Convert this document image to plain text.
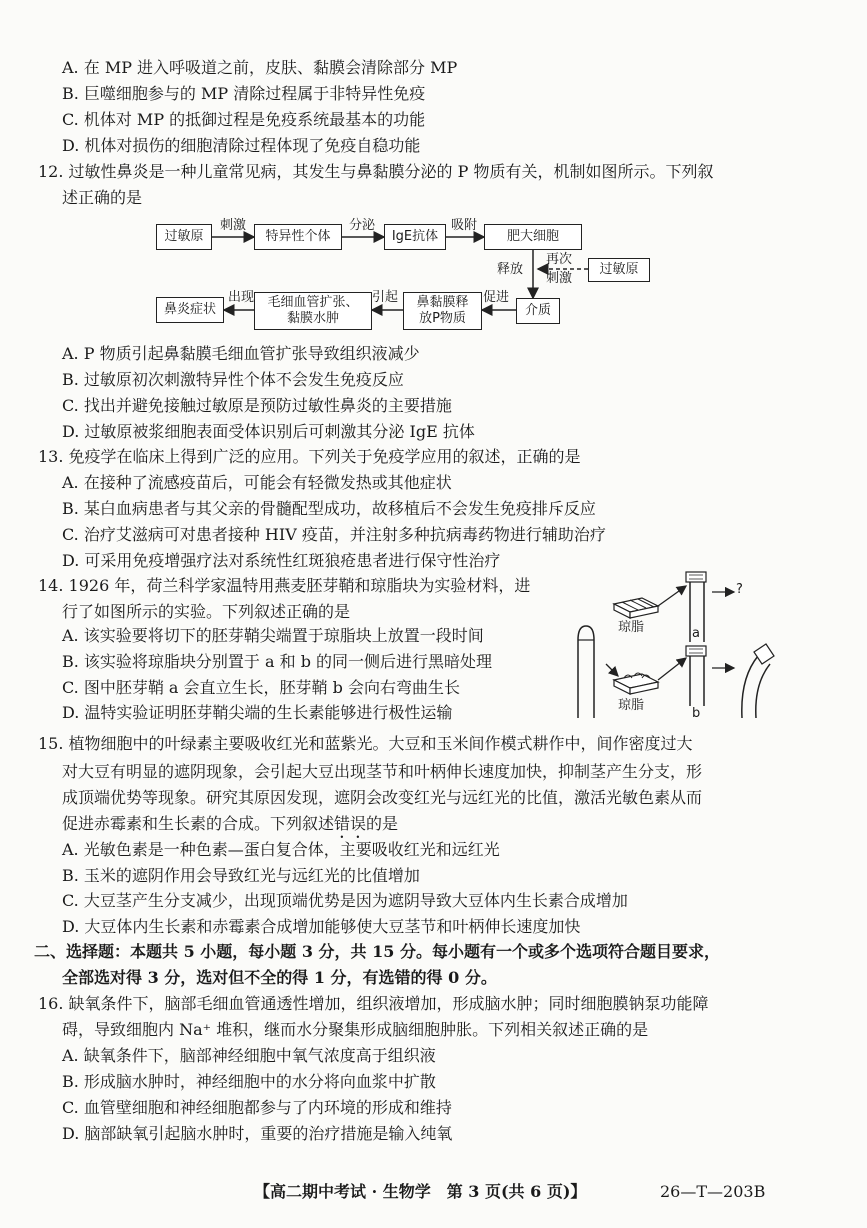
A. 在 MP 进入呼吸道之前，皮肤、黏膜会清除部分 MP
B. 巨噬细胞参与的 MP 清除过程属于非特异性免疫
C. 机体对 MP 的抵御过程是免疫系统最基本的功能
D. 机体对损伤的细胞清除过程体现了免疫自稳功能
12. 过敏性鼻炎是一种儿童常见病，其发生与鼻黏膜分泌的 P 物质有关，机制如图所示。下列叙
述正确的是
过敏原
刺激
特异性个体
分泌
IgE抗体
吸附
肥大细胞
释放
再次
刺激
过敏原
介质
促进
鼻黏膜释
放P物质
引起
毛细血管扩张、
黏膜水肿
出现
鼻炎症状
A. P 物质引起鼻黏膜毛细血管扩张导致组织液减少
B. 过敏原初次刺激特异性个体不会发生免疫反应
C. 找出并避免接触过敏原是预防过敏性鼻炎的主要措施
D. 过敏原被浆细胞表面受体识别后可刺激其分泌 IgE 抗体
13. 免疫学在临床上得到广泛的应用。下列关于免疫学应用的叙述，正确的是
A. 在接种了流感疫苗后，可能会有轻微发热或其他症状
B. 某白血病患者与其父亲的骨髓配型成功，故移植后不会发生免疫排斥反应
C. 治疗艾滋病可对患者接种 HIV 疫苗，并注射多种抗病毒药物进行辅助治疗
D. 可采用免疫增强疗法对系统性红斑狼疮患者进行保守性治疗
14. 1926 年，荷兰科学家温特用燕麦胚芽鞘和琼脂块为实验材料，进
行了如图所示的实验。下列叙述正确的是
A. 该实验要将切下的胚芽鞘尖端置于琼脂块上放置一段时间
B. 该实验将琼脂块分别置于 a 和 b 的同一侧后进行黑暗处理
C. 图中胚芽鞘 a 会直立生长，胚芽鞘 b 会向右弯曲生长
D. 温特实验证明胚芽鞘尖端的生长素能够进行极性运输
?
琼脂	a
琼脂
b
15. 植物细胞中的叶绿素主要吸收红光和蓝紫光。大豆和玉米间作模式耕作中，间作密度过大
对大豆有明显的遮阴现象，会引起大豆出现茎节和叶柄伸长速度加快，抑制茎产生分支，形
成顶端优势等现象。研究其原因发现，遮阴会改变红光与远红光的比值，激活光敏色素从而
促进赤霉素和生长素的合成。下列叙述错误的是
A. 光敏色素是一种色素—蛋白复合体，主要吸收红光和远红光
B. 玉米的遮阴作用会导致红光与远红光的比值增加
C. 大豆茎产生分支减少，出现顶端优势是因为遮阴导致大豆体内生长素合成增加
D. 大豆体内生长素和赤霉素合成增加能够使大豆茎节和叶柄伸长速度加快
二、选择题：本题共 5 小题，每小题 3 分，共 15 分。每小题有一个或多个选项符合题目要求，
全部选对得 3 分，选对但不全的得 1 分，有选错的得 0 分。
16. 缺氧条件下，脑部毛细血管通透性增加，组织液增加，形成脑水肿；同时细胞膜钠泵功能障
碍，导致细胞内 Na⁺ 堆积，继而水分聚集形成脑细胞肿胀。下列相关叙述正确的是
A. 缺氧条件下，脑部神经细胞中氧气浓度高于组织液
B. 形成脑水肿时，神经细胞中的水分将向血浆中扩散
C. 血管壁细胞和神经细胞都参与了内环境的形成和维持
D. 脑部缺氧引起脑水肿时，重要的治疗措施是输入纯氧
【高二期中考试 · 生物学　第 3 页(共 6 页)】	26—T—203B
